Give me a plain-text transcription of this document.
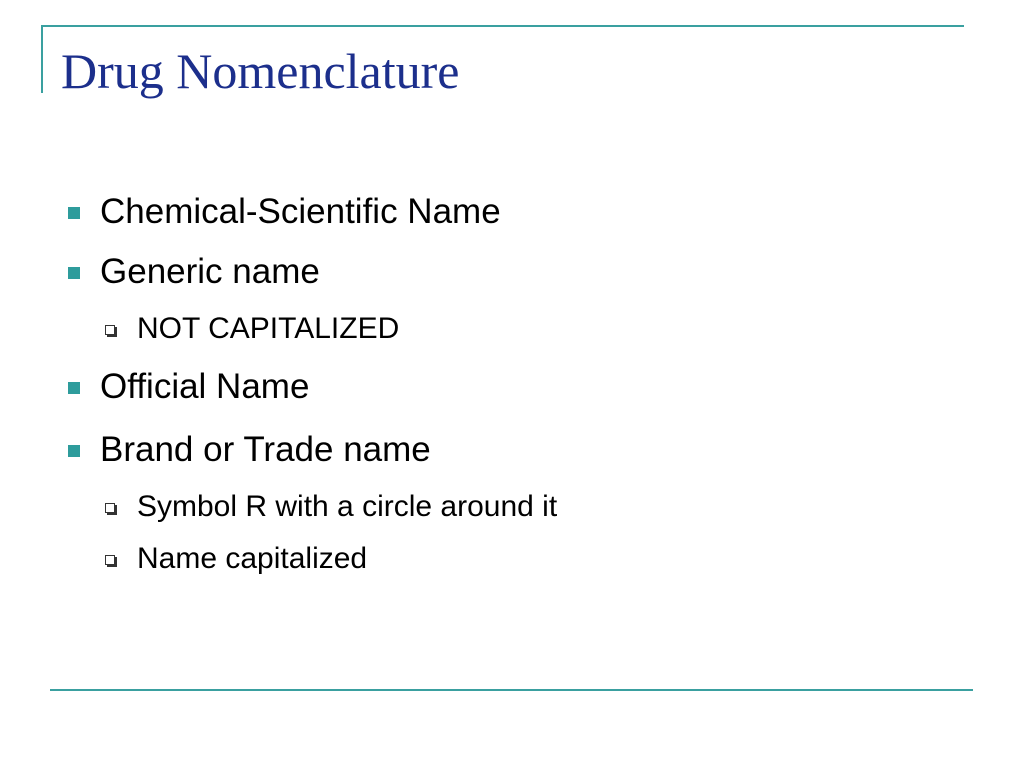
Drug Nomenclature
Chemical-Scientific Name
Generic name
NOT CAPITALIZED
Official Name
Brand or Trade name
Symbol R with a circle around it
Name capitalized
